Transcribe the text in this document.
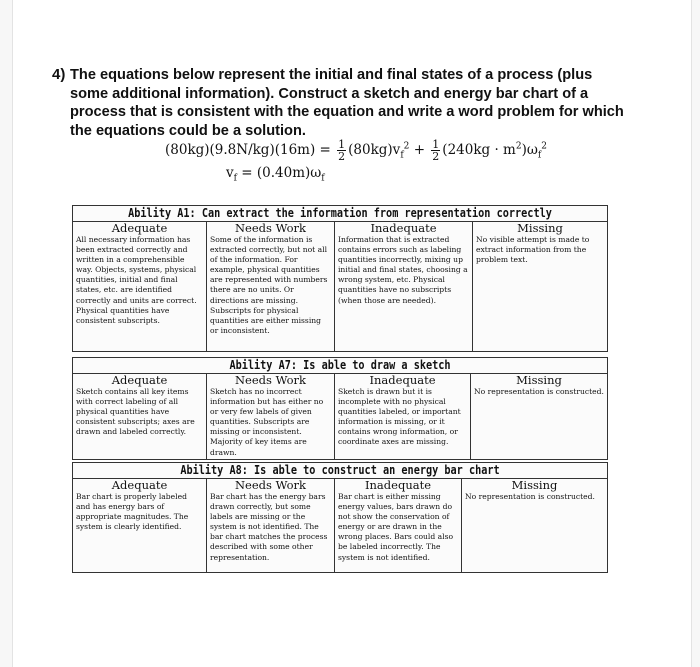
4) The equations below represent the initial and final states of a process (plus some additional information). Construct a sketch and energy bar chart of a process that is consistent with the equation and write a word problem for which the equations could be a solution.
$(80kg)(9.8N/kg)(16m) = \frac{1}{2} (80kg)v_f^2 + \frac{1}{2} (240kg \cdot m^2)\omega_f^2$
$v_f = (0.40m)\omega_f$
Ability A1: Can extract the information from representation correctly
Adequate
All necessary information has been extracted correctly and written in a comprehensible way. Objects, systems, physical quantities, initial and final states, etc. are identified correctly and units are correct. Physical quantities have consistent subscripts.
Needs Work
Some of the information is extracted correctly, but not all of the information. For example, physical quantities are represented with numbers there are no units. Or directions are missing. Subscripts for physical quantities are either missing or inconsistent.
Inadequate
Information that is extracted contains errors such as labeling quantities incorrectly, mixing up initial and final states, choosing a wrong system, etc. Physical quantities have no subscripts (when those are needed).
Missing
No visible attempt is made to extract information from the problem text.
Ability A7: Is able to draw a sketch
Adequate
Sketch contains all key items with correct labeling of all physical quantities have consistent subscripts; axes are drawn and labeled correctly.
Needs Work
Sketch has no incorrect information but has either no or very few labels of given quantities. Subscripts are missing or inconsistent. Majority of key items are drawn.
Inadequate
Sketch is drawn but it is incomplete with no physical quantities labeled, or important information is missing, or it contains wrong information, or coordinate axes are missing.
Missing
No representation is constructed.
Ability A8: Is able to construct an energy bar chart
Adequate
Bar chart is properly labeled and has energy bars of appropriate magnitudes. The system is clearly identified.
Needs Work
Bar chart has the energy bars drawn correctly, but some labels are missing or the system is not identified. The bar chart matches the process described with some other representation.
Inadequate
Bar chart is either missing energy values, bars drawn do not show the conservation of energy or are drawn in the wrong places. Bars could also be labeled incorrectly. The system is not identified.
Missing
No representation is constructed.
